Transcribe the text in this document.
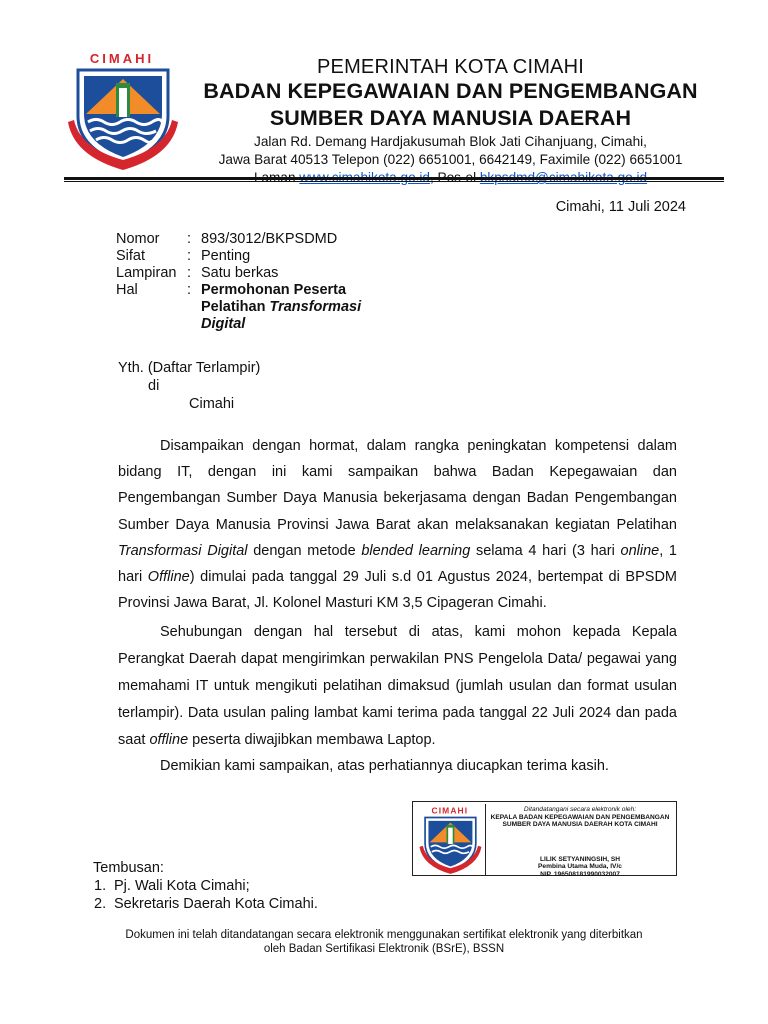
CIMAHI	PEMERINTAH KOTA CIMAHI
BADAN KEPEGAWAIAN DAN PENGEMBANGAN
SUMBER DAYA MANUSIA DAERAH
Jalan Rd. Demang Hardjakusumah Blok Jati Cihanjuang, Cimahi,
Jawa Barat 40513 Telepon (022) 6651001, 6642149, Faximile (022) 6651001
Cimahi, 11 Juli 2024
Nomor	: 893/3012/BKPSDMD
Sifat	: Penting
Lampiran : Satu berkas
Hal	: Permohonan Peserta Pelatihan Transformasi Digital
Yth. (Daftar Terlampir)
di
Cimahi

Disampaikan dengan hormat, dalam rangka peningkatan kompetensi dalam bidang IT, dengan ini kami sampaikan bahwa Badan Kepegawaian dan Pengembangan Sumber Daya Manusia bekerjasama dengan Badan Pengembangan Sumber Daya Manusia Provinsi Jawa Barat akan melaksanakan kegiatan Pelatihan Transformasi Digital dengan metode blended learning selama 4 hari (3 hari online, 1 hari Offline) dimulai pada tanggal 29 Juli s.d 01 Agustus 2024, bertempat di BPSDM Provinsi Jawa Barat, Jl. Kolonel Masturi KM 3,5 Cipageran Cimahi.

Sehubungan dengan hal tersebut di atas, kami mohon kepada Kepala Perangkat Daerah dapat mengirimkan perwakilan PNS Pengelola Data/ pegawai yang memahami IT untuk mengikuti pelatihan dimaksud (jumlah usulan dan format usulan terlampir). Data usulan paling lambat kami terima pada tanggal 22 Juli 2024 dan pada saat offline peserta diwajibkan membawa Laptop.

Demikian kami sampaikan, atas perhatiannya diucapkan terima kasih.

CIMAHI	Ditandatangani secara elektronik oleh:
KEPALA BADAN KEPEGAWAIAN DAN PENGEMBANGAN
SUMBER DAYA MANUSIA DAERAH KOTA CIMAHI
LILIK SETYANINGSIH, SH
Pembina Utama Muda, IV/c
NIP. 196508181990032007
Tembusan:
1. Pj. Wali Kota Cimahi;
2. Sekretaris Daerah Kota Cimahi.
Dokumen ini telah ditandatangan secara elektronik menggunakan sertifikat elektronik yang diterbitkan
oleh Badan Sertifikasi Elektronik (BSrE), BSSN
